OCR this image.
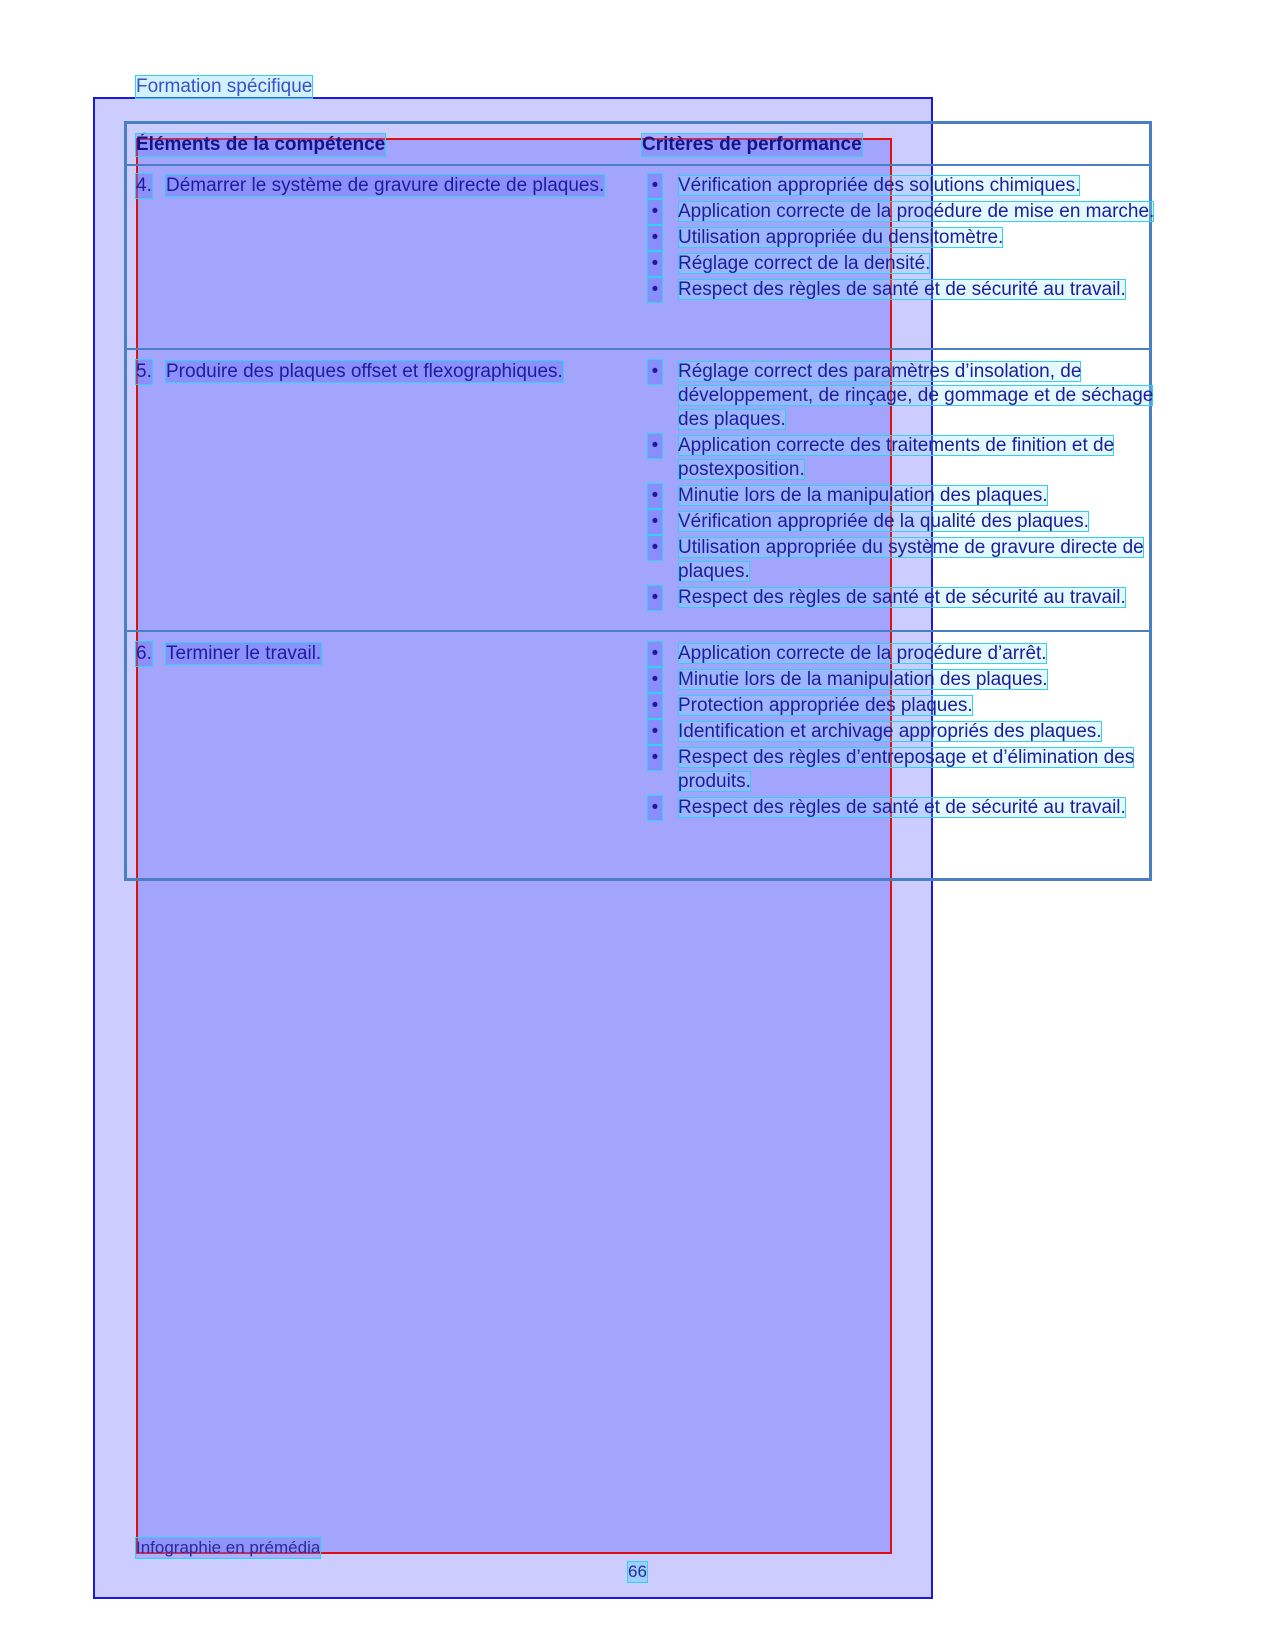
Formation spécifique
Éléments de la compétence	Critères de performance
4. Démarrer le système de gravure directe de plaques.	• Vérification appropriée des solutions chimiques.
• Application correcte de la procédure de mise en marche.
• Utilisation appropriée du densitomètre.
• Réglage correct de la densité.
• Respect des règles de santé et de sécurité au travail.
5. Produire des plaques offset et flexographiques.	• Réglage correct des paramètres d’insolation, de développement, de rinçage, de gommage et de séchage des plaques.
• Application correcte des traitements de finition et de postexposition.
• Minutie lors de la manipulation des plaques.
• Vérification appropriée de la qualité des plaques.
• Utilisation appropriée du système de gravure directe de plaques.
• Respect des règles de santé et de sécurité au travail.
6. Terminer le travail.	• Application correcte de la procédure d’arrêt.
• Minutie lors de la manipulation des plaques.
• Protection appropriée des plaques.
• Identification et archivage appropriés des plaques.
• Respect des règles d’entreposage et d’élimination des produits.
• Respect des règles de santé et de sécurité au travail.
Infographie en prémédia
66
